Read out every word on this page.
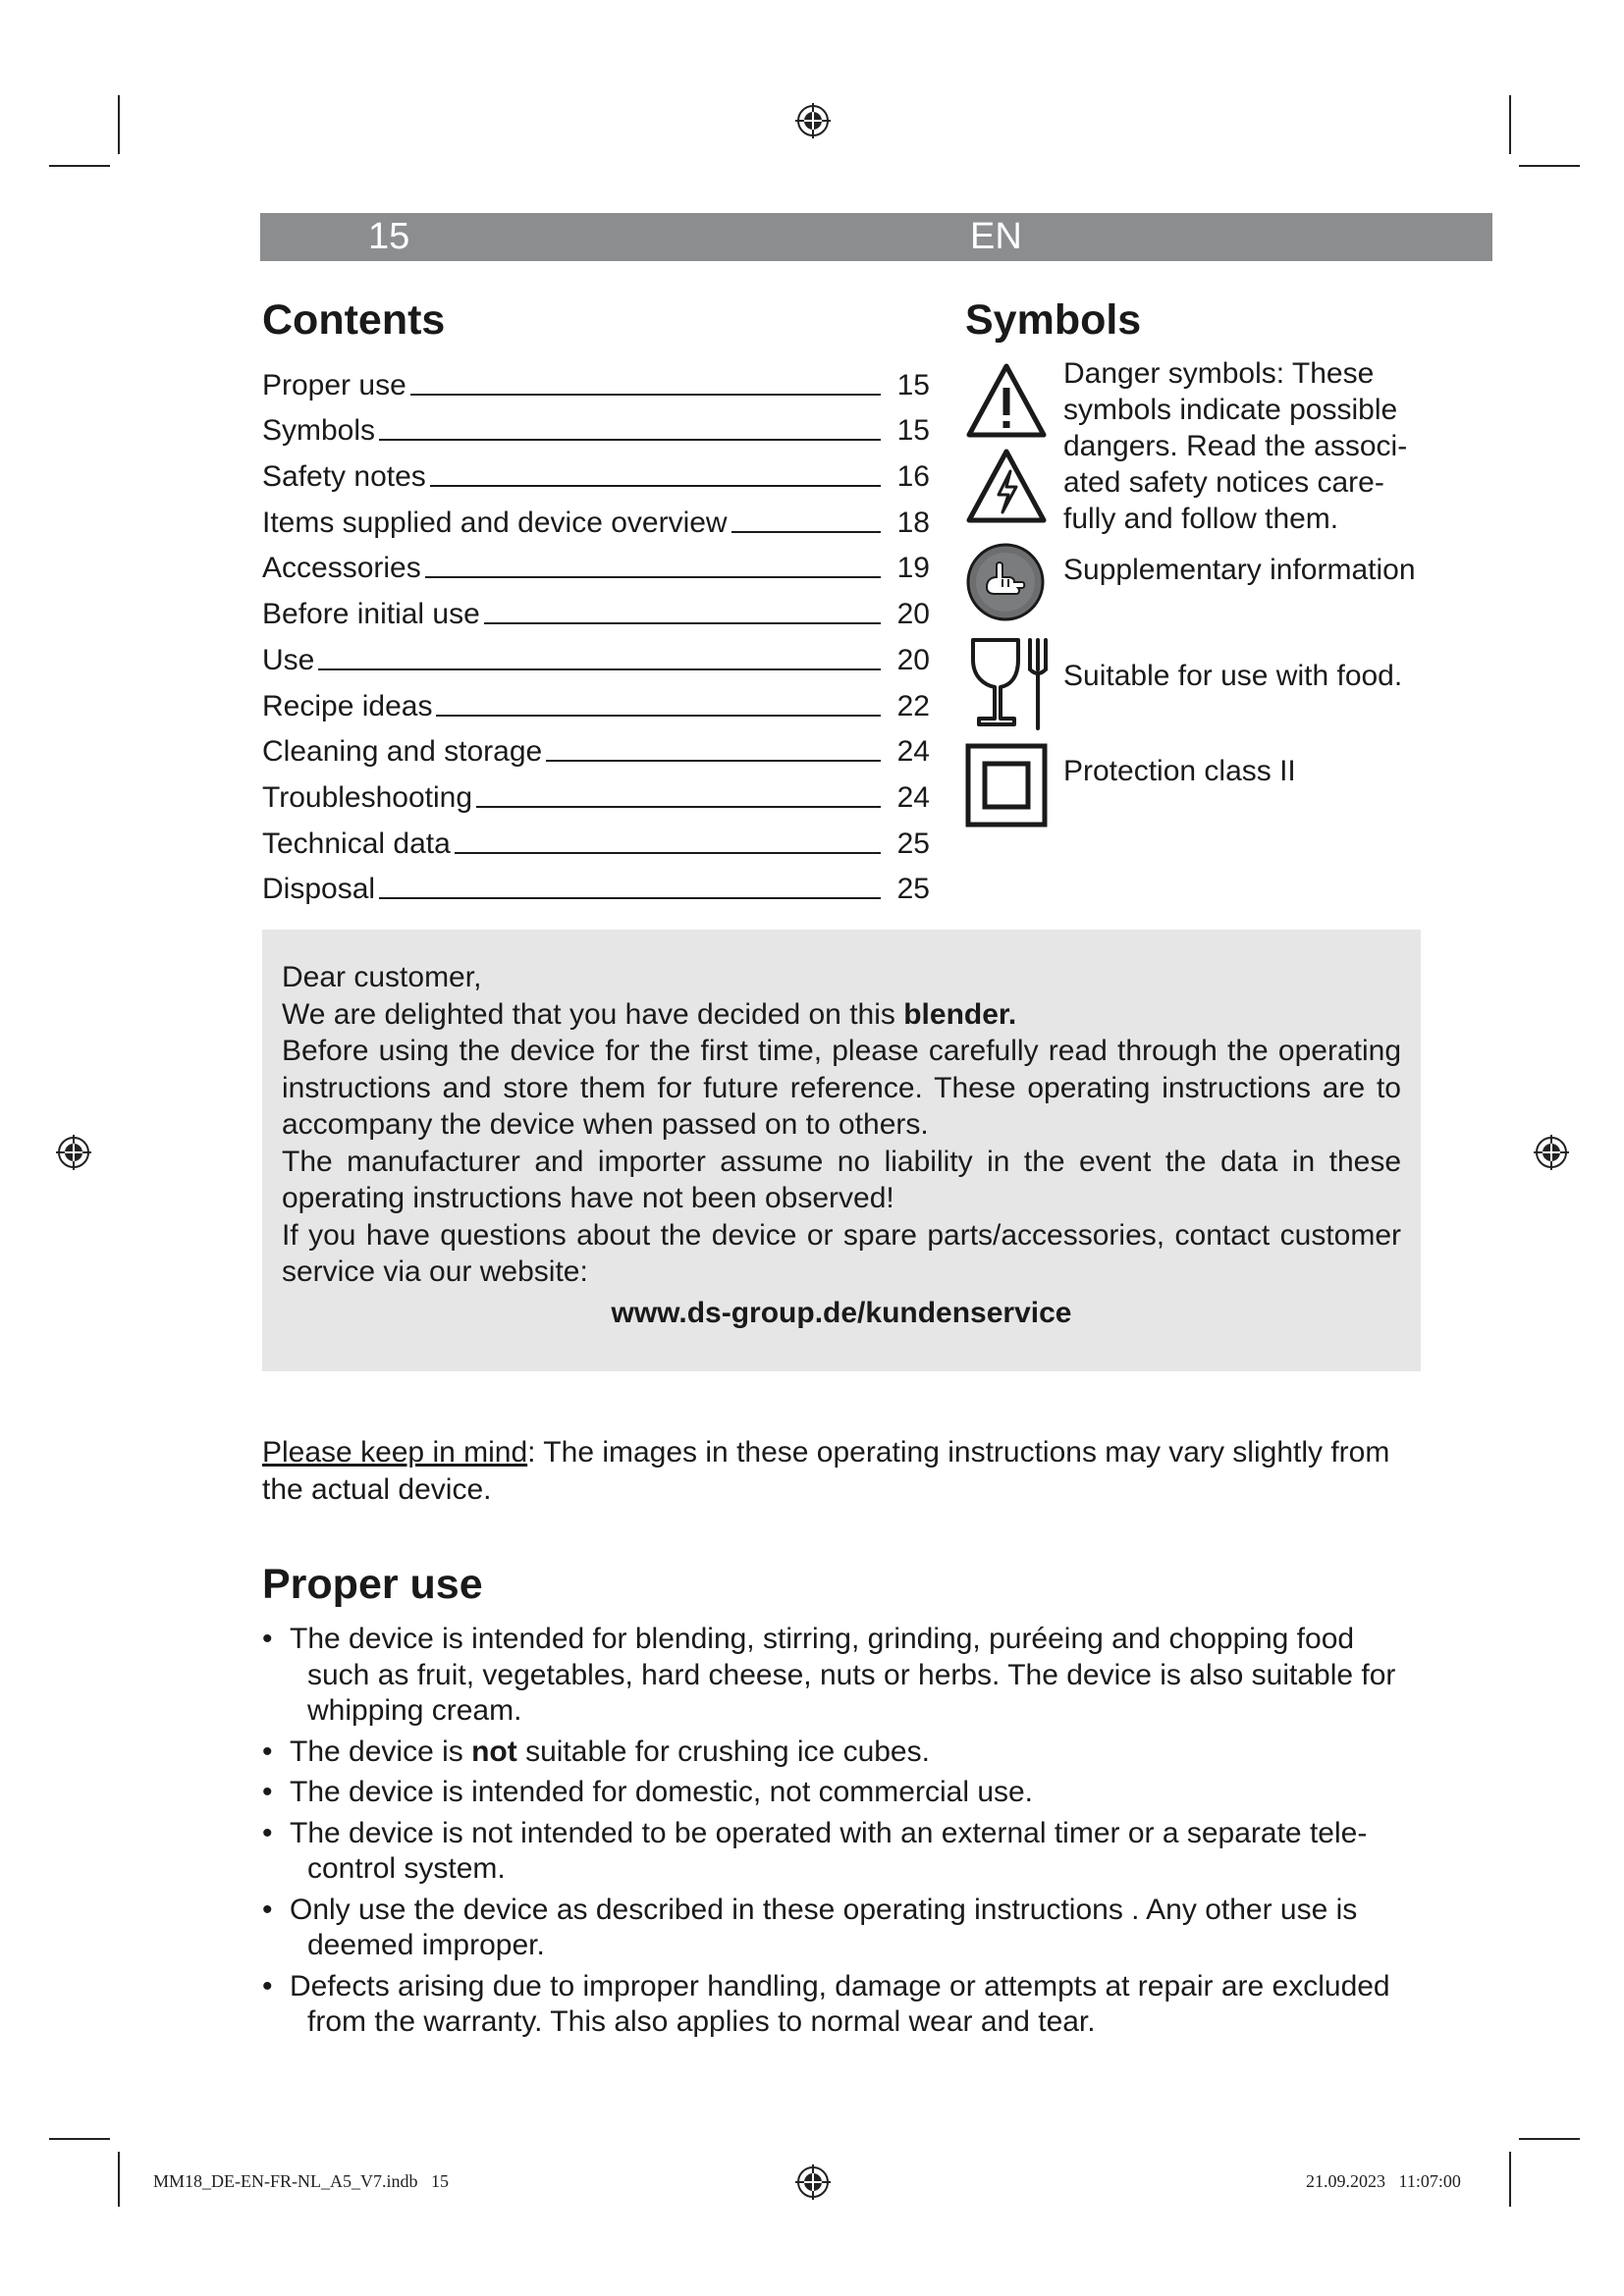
15	EN
Contents
Proper use	15
Symbols	15
Safety notes	16
Items supplied and device overview	18
Accessories	19
Before initial use	20
Use	20
Recipe ideas	22
Cleaning and storage	24
Troubleshooting	24
Technical data	25
Disposal	25
Symbols
Danger symbols: These
symbols indicate possible
dangers. Read the associ-
ated safety notices care-
fully and follow them.
Supplementary information
Suitable for use with food.
Protection class II

Dear customer,

We are delighted that you have decided on this blender.

Before using the device for the first time, please carefully read through the operating instructions and store them for future reference. These operating instructions are to accompany the device when passed on to others.

The manufacturer and importer assume no liability in the event the data in these operating instructions have not been observed!

If you have questions about the device or spare parts/accessories, contact customer service via our website:

www.ds-group.de/kundenservice

Please keep in mind: The images in these operating instructions may vary slightly from the actual device.
Proper use
• The device is intended for blending, stirring, grinding, puréeing and chopping food
such as fruit, vegetables, hard cheese, nuts or herbs. The device is also suitable for
whipping cream.
• The device is not suitable for crushing ice cubes.
• The device is intended for domestic, not commercial use.
• The device is not intended to be operated with an external timer or a separate tele-
control system.
• Only use the device as described in these operating instructions . Any other use is
deemed improper.
• Defects arising due to improper handling, damage or attempts at repair are excluded
from the warranty. This also applies to normal wear and tear.
MM18_DE-EN-FR-NL_A5_V7.indb   15	21.09.2023   11:07:00
